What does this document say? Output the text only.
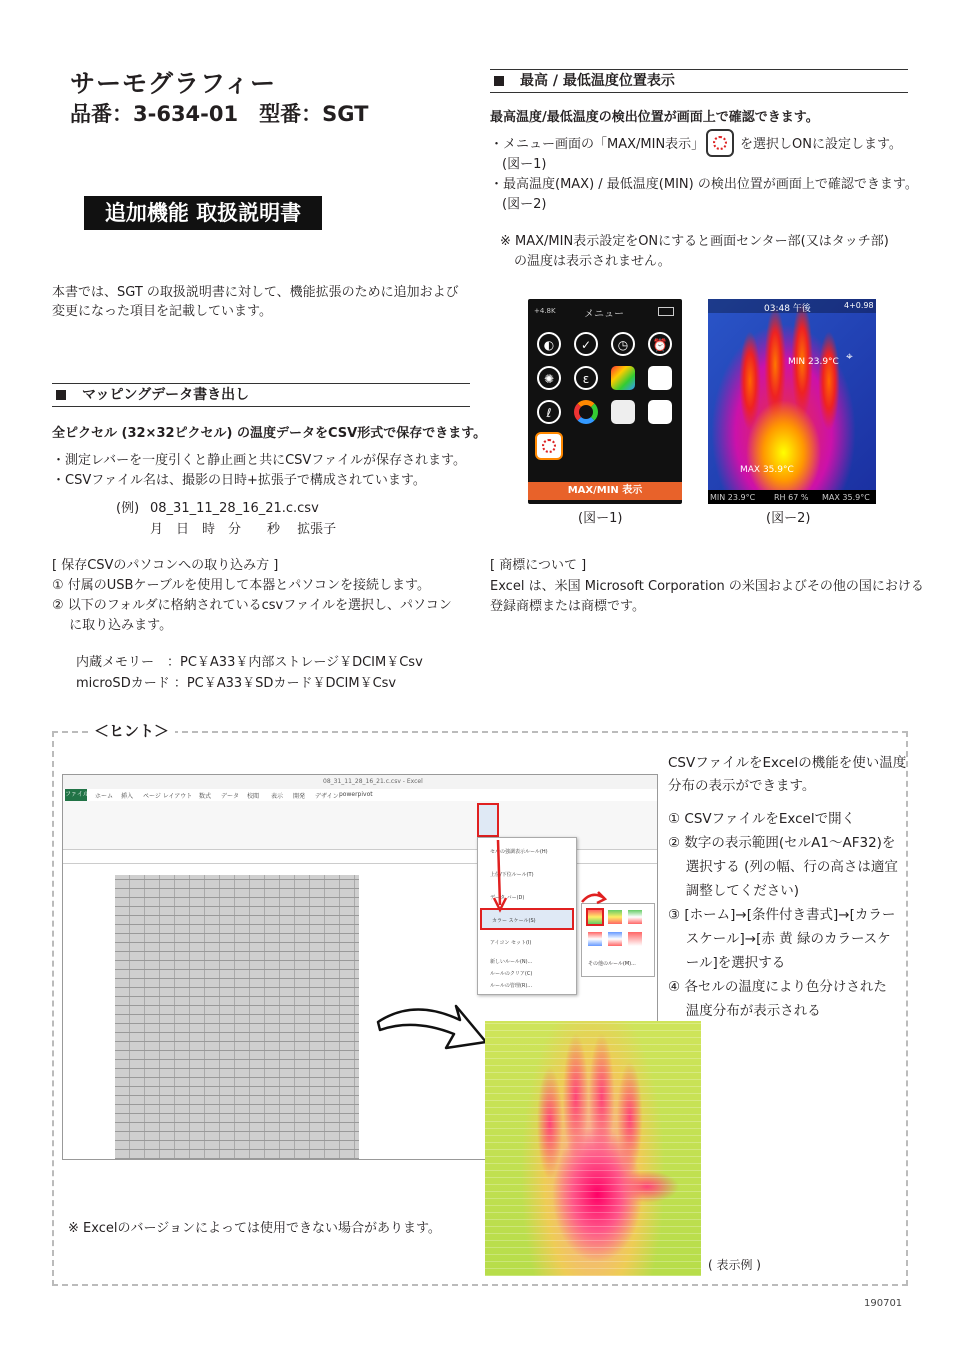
サーモグラフィー
品番：3-634-01　型番：SGT
追加機能 取扱説明書
本書では、SGT の取扱説明書に対して、機能拡張のために追加および変更になった項目を記載しています。
マッピングデータ書き出し
全ピクセル (32×32ピクセル) の温度データをCSV形式で保存できます。
・測定レバーを一度引くと静止画と共にCSVファイルが保存されます。
・CSVファイル名は、撮影の日時+拡張子で構成されています。
(例) 08_31_11_28_16_21.c.csv
月　日　時　分　　秒　 拡張子
[ 保存CSVのパソコンへの取り込み方 ]
① 付属のUSBケーブルを使用して本器とパソコンを接続します。
② 以下のフォルダに格納されているcsvファイルを選択し、パソコン
　 に取り込みます。
内蔵メモリー　：PC￥A33￥内部ストレージ￥DCIM￥Csv
microSDカード ：PC￥A33￥SDカード￥DCIM￥Csv
最高 / 最低温度位置表示
最高温度/最低温度の検出位置が画面上で確認できます。
・メニュー画面の「MAX/MIN表示」	を選択しONに設定します。
(図ー1)
・最高温度(MAX) / 最低温度(MIN) の検出位置が画面上で確認できます。
(図ー2)
※ MAX/MIN表示設定をONにすると画面センター部(又はタッチ部)
の温度は表示されません。
+4.8K	メニュー
◐	✓	◷	⏰
✺	ε
ℓ
MAX/MIN 表示
(図ー1)
03:48 午後	4+0.98
MIN 23.9°C ⌖
MAX 35.9°C
MIN 23.9°C RH 67 % MAX 35.9°C
(図ー2)
[ 商標について ]
Excel は、米国 Microsoft Corporation の米国およびその他の国における
登録商標または商標です。
＜ヒント＞
08_31_11_28_16_21.c.csv - Excel
ファイル ホーム 挿入 ページ レイアウト 数式 データ 校閲 表示 開発 デザイン powerpivot
セルの強調表示ルール(H)
上位/下位ルール(T)
データ バー(D)
カラー スケール(S)
アイコン セット(I)
新しいルール(N)...
ルールのクリア(C)
ルールの管理(R)...
その他のルール(M)...
( 表示例 )
CSVファイルをExcelの機能を使い温度
分布の表示ができます。
① CSVファイルをExcelで開く
② 数字の表示範囲(セルA1～AF32)を
　 選択する (列の幅、行の高さは適宜
　 調整してください)
③ [ホーム]→[条件付き書式]→[カラー
　 スケール]→[赤 黄 緑のカラースケ
　 ール]を選択する
④ 各セルの温度により色分けされた
　 温度分布が表示される
※ Excelのバージョンによっては使用できない場合があります。
190701
